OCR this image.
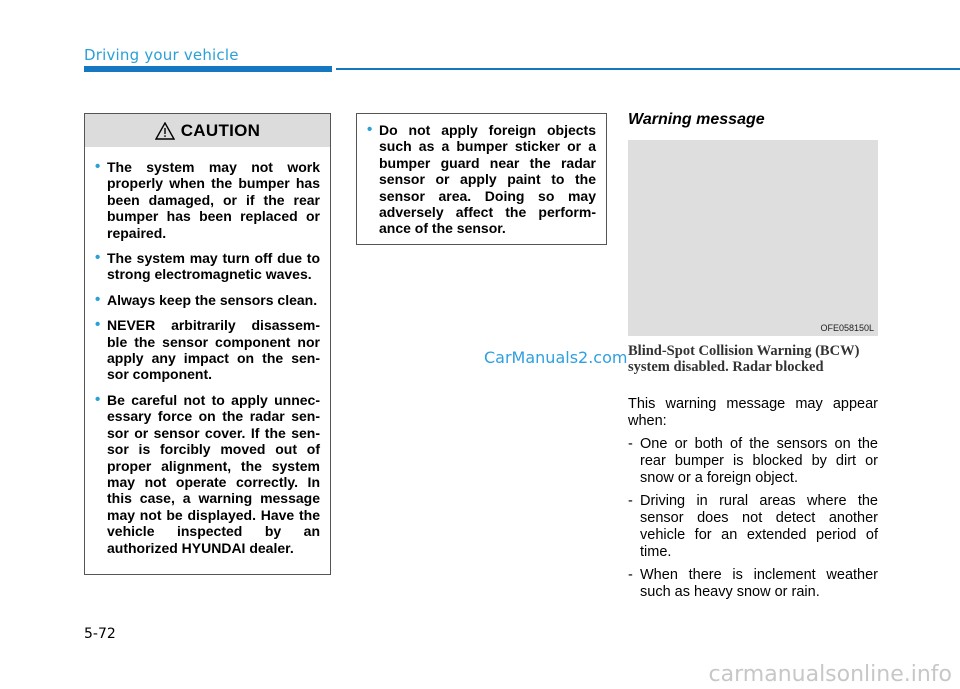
Driving your vehicle
CAUTION
• The system may not work properly when the bumper has been damaged, or if the rear bumper has been replaced or repaired.
• The system may turn off due to strong electromagnetic waves.
• Always keep the sensors clean.
• NEVER arbitrarily disassem- ble the sensor component nor apply any impact on the sen- sor component.
• Be careful not to apply unnec- essary force on the radar sen- sor or sensor cover. If the sen- sor is forcibly moved out of proper alignment, the system may not operate correctly. In this case, a warning message may not be displayed. Have the vehicle inspected by an authorized HYUNDAI dealer.
• Do not apply foreign objects such as a bumper sticker or a bumper guard near the radar sensor or apply paint to the sensor area. Doing so may adversely affect the perform- ance of the sensor.
Warning message
OFE058150L
Blind-Spot Collision Warning (BCW) system disabled. Radar blocked
This warning message may appear when:
- One or both of the sensors on the rear bumper is blocked by dirt or snow or a foreign object.
- Driving in rural areas where the sensor does not detect another vehicle for an extended period of time.
- When there is inclement weather such as heavy snow or rain.
CarManuals2.com
5-72
carmanualsonline.info
